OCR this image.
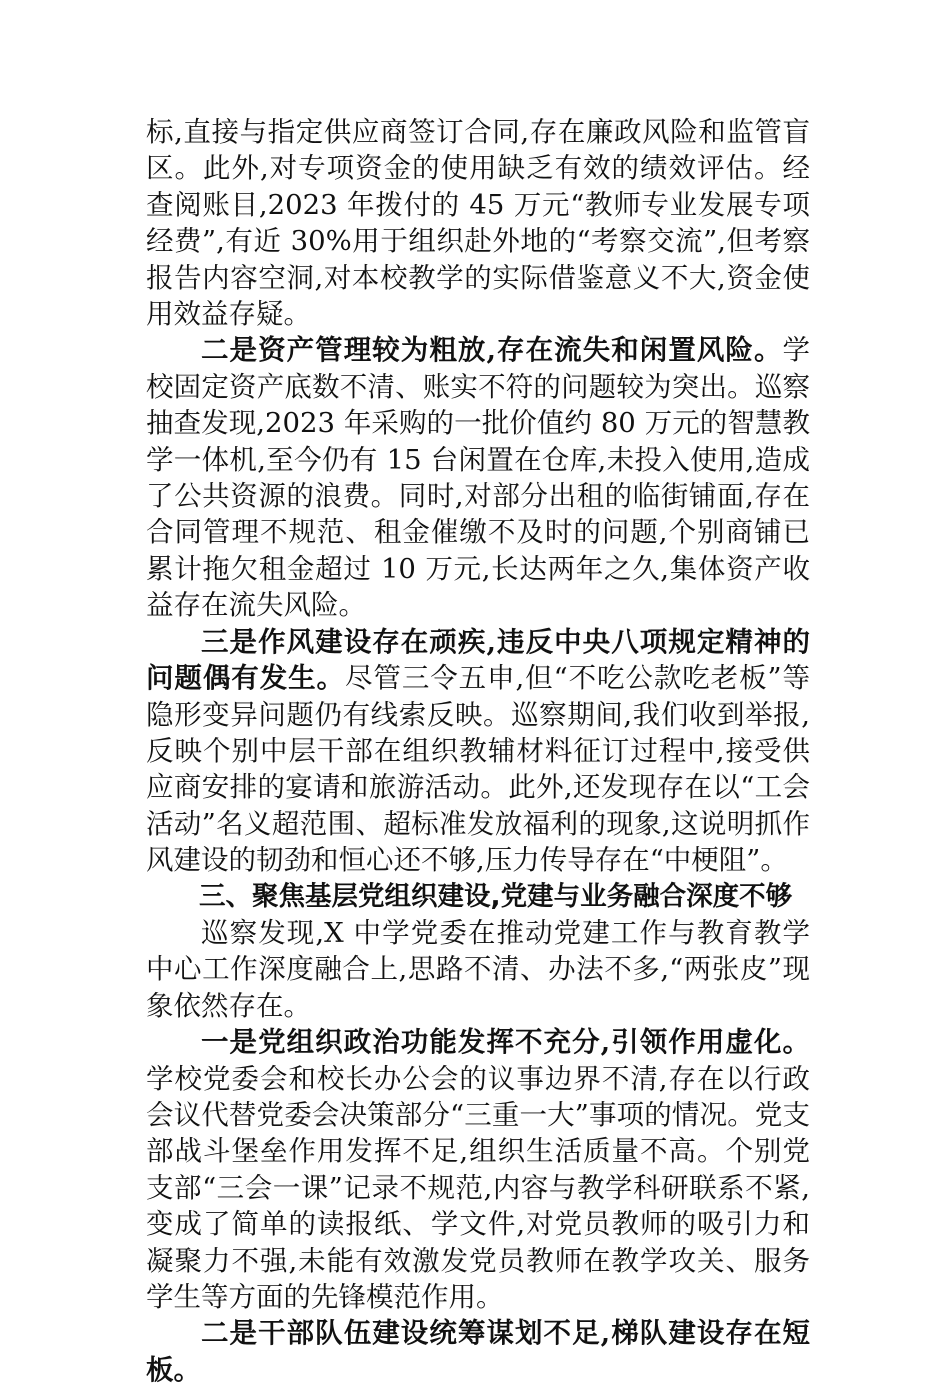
标,直接与指定供应商签订合同,存在廉政风险和监管盲区。此外,对专项资金的使用缺乏有效的绩效评估。经查阅账目,2023 年拨付的 45 万元“教师专业发展专项经费”,有近 30%用于组织赴外地的“考察交流”,但考察报告内容空洞,对本校教学的实际借鉴意义不大,资金使用效益存疑。

二是资产管理较为粗放,存在流失和闲置风险。学校固定资产底数不清、账实不符的问题较为突出。巡察抽查发现,2023 年采购的一批价值约 80 万元的智慧教学一体机,至今仍有 15 台闲置在仓库,未投入使用,造成了公共资源的浪费。同时,对部分出租的临街铺面,存在合同管理不规范、租金催缴不及时的问题,个别商铺已累计拖欠租金超过 10 万元,长达两年之久,集体资产收益存在流失风险。

三是作风建设存在顽疾,违反中央八项规定精神的问题偶有发生。尽管三令五申,但“不吃公款吃老板”等隐形变异问题仍有线索反映。巡察期间,我们收到举报,反映个别中层干部在组织教辅材料征订过程中,接受供应商安排的宴请和旅游活动。此外,还发现存在以“工会活动”名义超范围、超标准发放福利的现象,这说明抓作风建设的韧劲和恒心还不够,压力传导存在“中梗阻”。

三、聚焦基层党组织建设,党建与业务融合深度不够

巡察发现,X 中学党委在推动党建工作与教育教学中心工作深度融合上,思路不清、办法不多,“两张皮”现象依然存在。

一是党组织政治功能发挥不充分,引领作用虚化。学校党委会和校长办公会的议事边界不清,存在以行政会议代替党委会决策部分“三重一大”事项的情况。党支部战斗堡垒作用发挥不足,组织生活质量不高。个别党支部“三会一课”记录不规范,内容与教学科研联系不紧,变成了简单的读报纸、学文件,对党员教师的吸引力和凝聚力不强,未能有效激发党员教师在教学攻关、服务学生等方面的先锋模范作用。

二是干部队伍建设统筹谋划不足,梯队建设存在短板。
